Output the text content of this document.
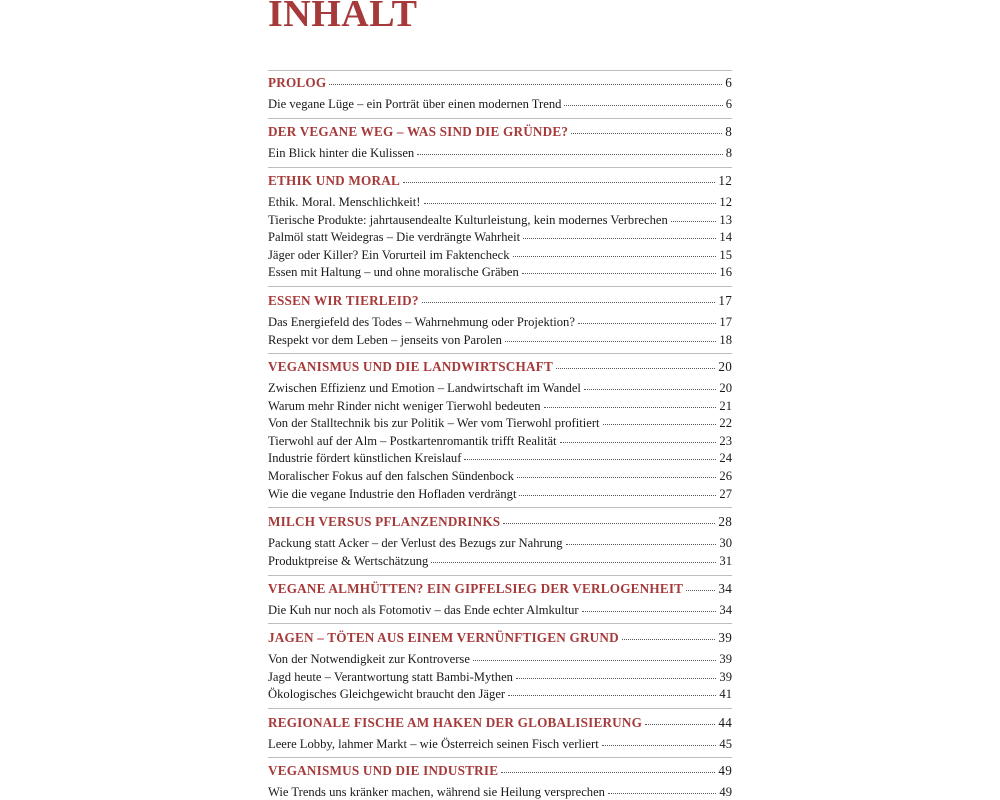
INHALT
PROLOG	6
Die vegane Lüge – ein Porträt über einen modernen Trend	6
DER VEGANE WEG – WAS SIND DIE GRÜNDE?	8
Ein Blick hinter die Kulissen	8
ETHIK UND MORAL	12
Ethik. Moral. Menschlichkeit!	12
Tierische Produkte: jahrtausendealte Kulturleistung, kein modernes Verbrechen	13
Palmöl statt Weidegras – Die verdrängte Wahrheit	14
Jäger oder Killer? Ein Vorurteil im Faktencheck	15
Essen mit Haltung – und ohne moralische Gräben	16
ESSEN WIR TIERLEID?	17
Das Energiefeld des Todes – Wahrnehmung oder Projektion?	17
Respekt vor dem Leben – jenseits von Parolen	18
VEGANISMUS UND DIE LANDWIRTSCHAFT	20
Zwischen Effizienz und Emotion – Landwirtschaft im Wandel	20
Warum mehr Rinder nicht weniger Tierwohl bedeuten	21
Von der Stalltechnik bis zur Politik – Wer vom Tierwohl profitiert	22
Tierwohl auf der Alm – Postkartenromantik trifft Realität	23
Industrie fördert künstlichen Kreislauf	24
Moralischer Fokus auf den falschen Sündenbock	26
Wie die vegane Industrie den Hofladen verdrängt	27
MILCH VERSUS PFLANZENDRINKS	28
Packung statt Acker – der Verlust des Bezugs zur Nahrung	30
Produktpreise & Wertschätzung	31
VEGANE ALMHÜTTEN? EIN GIPFELSIEG DER VERLOGENHEIT	34
Die Kuh nur noch als Fotomotiv – das Ende echter Almkultur	34
JAGEN – TÖTEN AUS EINEM VERNÜNFTIGEN GRUND	39
Von der Notwendigkeit zur Kontroverse	39
Jagd heute – Verantwortung statt Bambi-Mythen	39
Ökologisches Gleichgewicht braucht den Jäger	41
REGIONALE FISCHE AM HAKEN DER GLOBALISIERUNG	44
Leere Lobby, lahmer Markt – wie Österreich seinen Fisch verliert	45
VEGANISMUS UND DIE INDUSTRIE	49
Wie Trends uns kränker machen, während sie Heilung versprechen	49
